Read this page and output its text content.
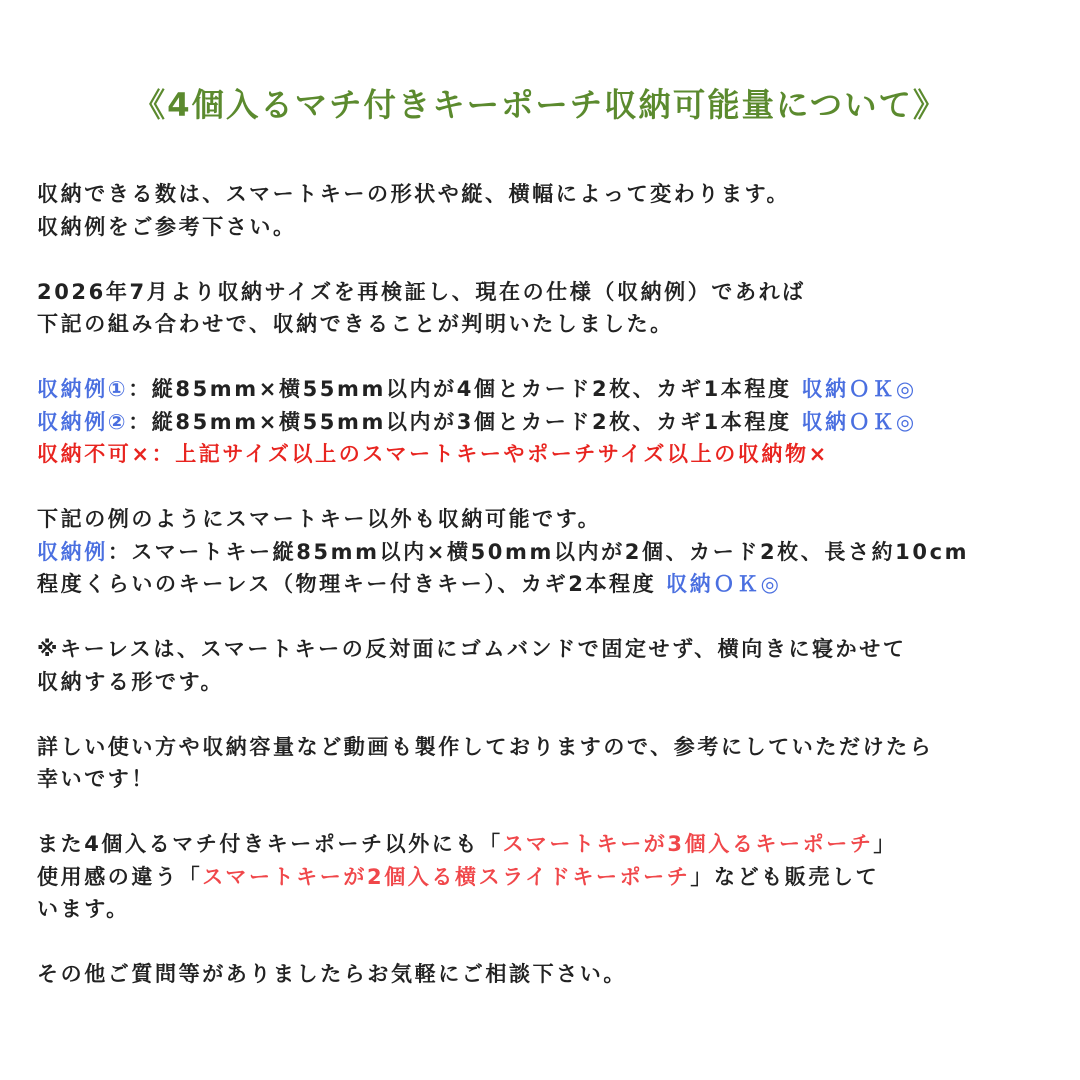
《4個入るマチ付きキーポーチ収納可能量について》
収納できる数は、スマートキーの形状や縦、横幅によって変わります。
収納例をご参考下さい。
2026年7月より収納サイズを再検証し、現在の仕様（収納例）であれば
下記の組み合わせで、収納できることが判明いたしました。
収納例①：縦85mm×横55mm以内が4個とカード2枚、カギ1本程度 収納ＯＫ◎
収納例②：縦85mm×横55mm以内が3個とカード2枚、カギ1本程度 収納ＯＫ◎
収納不可×：上記サイズ以上のスマートキーやポーチサイズ以上の収納物×
下記の例のようにスマートキー以外も収納可能です。
収納例：スマートキー縦85mm以内×横50mm以内が2個、カード2枚、長さ約10cm
程度くらいのキーレス（物理キー付きキー）、カギ2本程度 収納ＯＫ◎
※キーレスは、スマートキーの反対面にゴムバンドで固定せず、横向きに寝かせて
収納する形です。
詳しい使い方や収納容量など動画も製作しておりますので、参考にしていただけたら
幸いです！
また4個入るマチ付きキーポーチ以外にも「スマートキーが3個入るキーポーチ」
使用感の違う「スマートキーが2個入る横スライドキーポーチ」なども販売して
います。
その他ご質問等がありましたらお気軽にご相談下さい。
